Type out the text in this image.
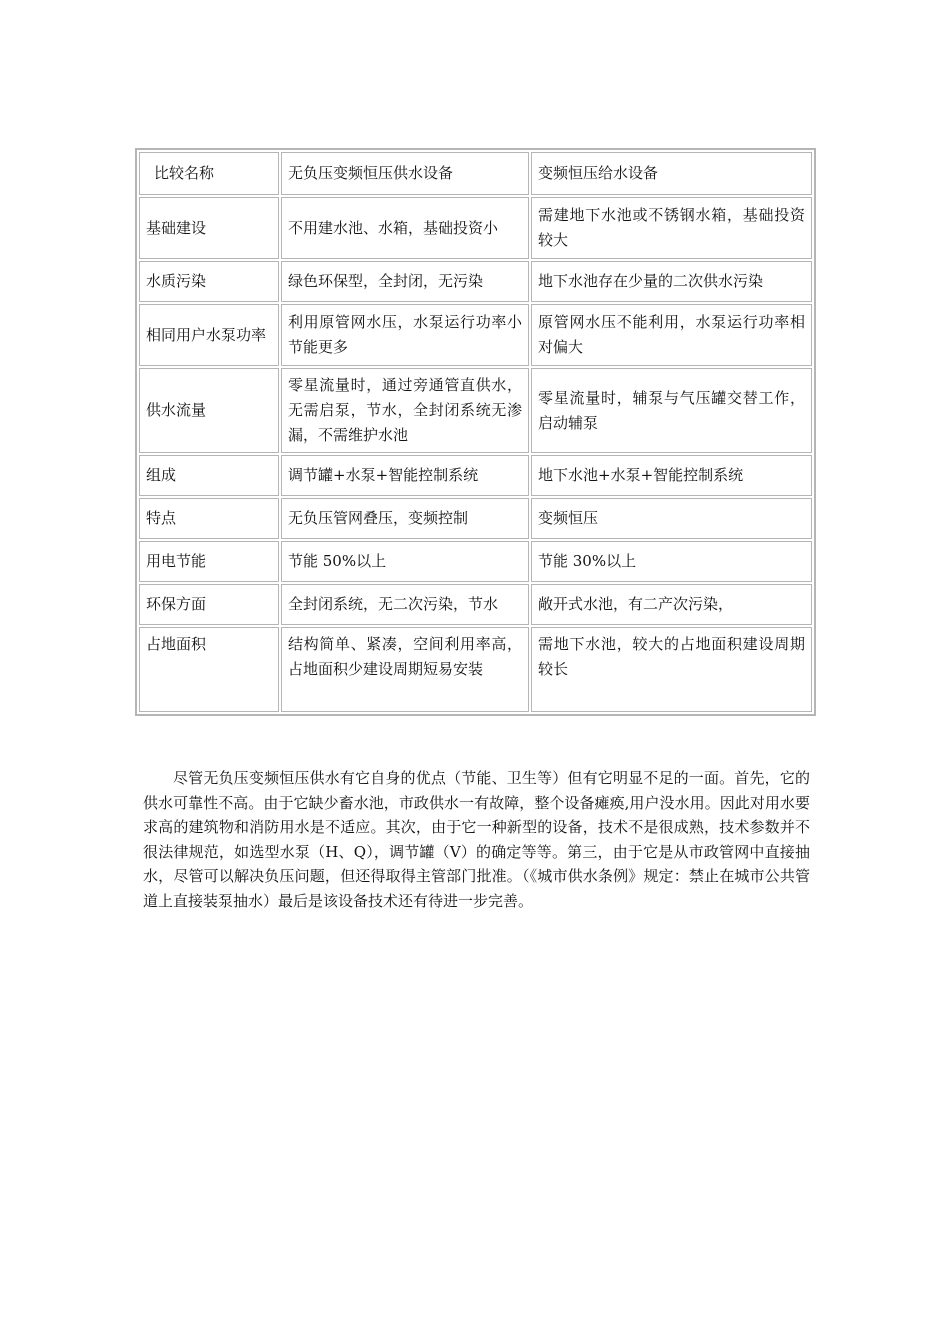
比较名称	无负压变频恒压供水设备	变频恒压给水设备
基础建设	不用建水池、水箱，基础投资小	需建地下水池或不锈钢水箱，基础投资较大
水质污染	绿色环保型，全封闭，无污染	地下水池存在少量的二次供水污染
相同用户水泵功率	利用原管网水压，水泵运行功率小节能更多	原管网水压不能利用，水泵运行功率相对偏大
供水流量	零星流量时，通过旁通管直供水，无需启泵，节水，全封闭系统无渗漏，不需维护水池	零星流量时，辅泵与气压罐交替工作，启动辅泵
组成	调节罐+水泵+智能控制系统	地下水池+水泵+智能控制系统
特点	无负压管网叠压，变频控制	变频恒压
用电节能	节能 50%以上	节能 30%以上
环保方面	全封闭系统，无二次污染，节水	敞开式水池，有二产次污染，
占地面积	结构简单、紧凑，空间利用率高，占地面积少建设周期短易安装	需地下水池，较大的占地面积建设周期较长

尽管无负压变频恒压供水有它自身的优点（节能、卫生等）但有它明显不足的一面。首先，它的供水可靠性不高。由于它缺少畜水池，市政供水一有故障，整个设备瘫痪,用户没水用。因此对用水要求高的建筑物和消防用水是不适应。其次，由于它一种新型的设备，技术不是很成熟，技术参数并不很法律规范，如选型水泵（H、Q），调节罐（V）的确定等等。第三，由于它是从市政管网中直接抽水，尽管可以解决负压问题，但还得取得主管部门批准。（《城市供水条例》规定：禁止在城市公共管道上直接装泵抽水）最后是该设备技术还有待进一步完善。
